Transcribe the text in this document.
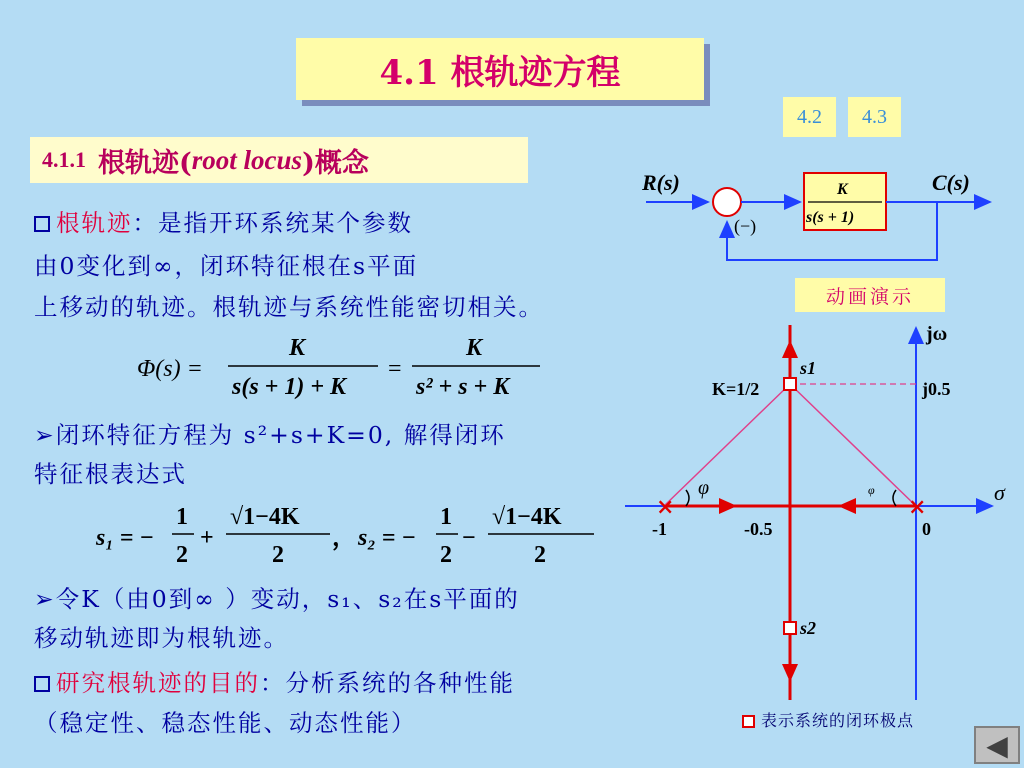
4.1 根轨迹方程
4.2	4.3
4.1.1 根轨迹( root locus )概念
根轨迹：是指开环系统某个参数
由0变化到∞，闭环特征根在s平面
上移动的轨迹。根轨迹与系统性能密切相关。
➢闭环特征方程为 s²+s+K=0, 解得闭环
特征根表达式
➢令K（由0到∞ ）变动，s₁、s₂在s平面的
移动轨迹即为根轨迹。
研究根轨迹的目的：分析系统的各种性能
（稳定性、稳态性能、动态性能）
动画演示
表示系统的闭环极点
◀
Φ(s) =
K
s(s + 1) + K
=
K
s² + s + K
s₁ = −
1
2
+
√1−4K
2
， s₂ = −
1
2
−
√1−4K
2
R(s)	K
s(s + 1)
C(s)
(−)
jω
σ
×	×
φ	φ
K=1/2
s1
s2
j0.5
-1	-0.5	0
